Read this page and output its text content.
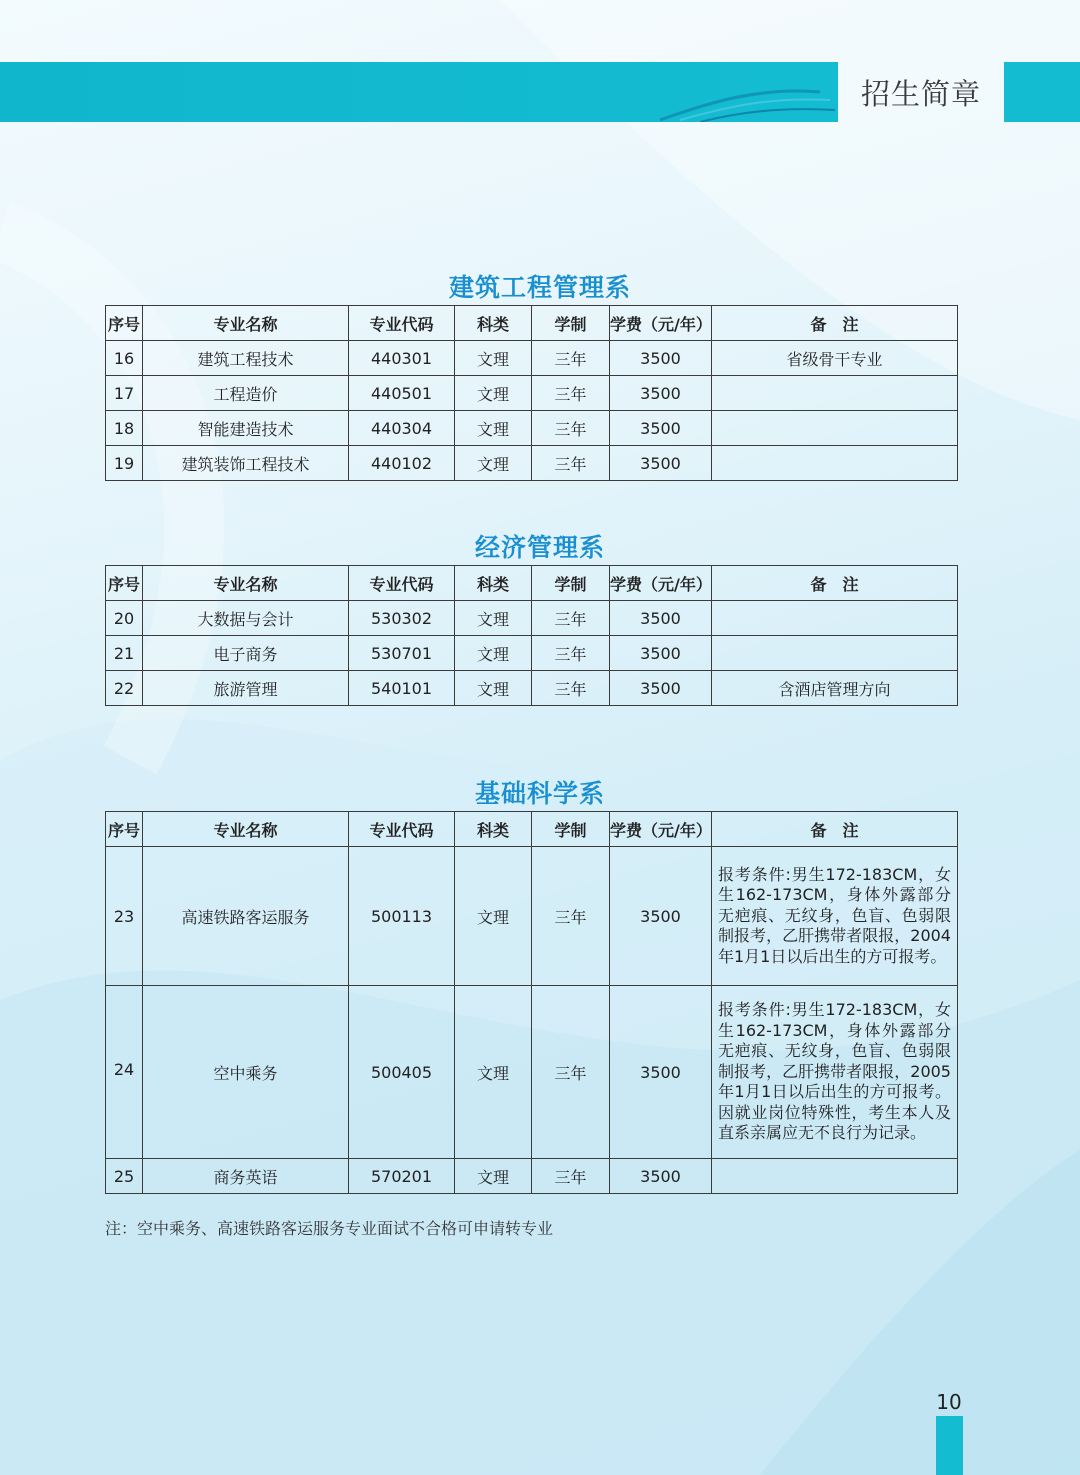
招生简章
建筑工程管理系
序号	专业名称	专业代码	科类	学制	学费（元/年）	备　注
16	建筑工程技术	440301	文理	三年	3500	省级骨干专业
17	工程造价	440501	文理	三年	3500	
18	智能建造技术	440304	文理	三年	3500	
19	建筑装饰工程技术	440102	文理	三年	3500	
经济管理系
序号	专业名称	专业代码	科类	学制	学费（元/年）	备　注
20	大数据与会计	530302	文理	三年	3500	
21	电子商务	530701	文理	三年	3500	
22	旅游管理	540101	文理	三年	3500	含酒店管理方向
基础科学系
序号	专业名称	专业代码	科类	学制	学费（元/年）	备　注
23	高速铁路客运服务	500113	文理	三年	3500	报考条件:男生172-183CM，女生162-173CM，身体外露部分无疤痕、无纹身，色盲、色弱限制报考，乙肝携带者限报，2004年1月1日以后出生的方可报考。
24	空中乘务	500405	文理	三年	3500	报考条件:男生172-183CM，女生162-173CM，身体外露部分无疤痕、无纹身，色盲、色弱限制报考，乙肝携带者限报，2005年1月1日以后出生的方可报考。因就业岗位特殊性，考生本人及直系亲属应无不良行为记录。
25	商务英语	570201	文理	三年	3500	
注：空中乘务、高速铁路客运服务专业面试不合格可申请转专业
10
